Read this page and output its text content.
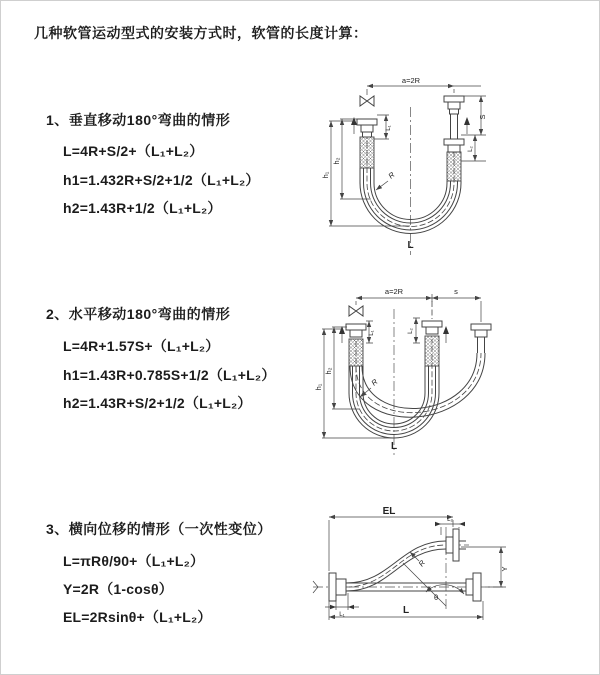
几种软管运动型式的安装方式时，软管的长度计算：
1、垂直移动180°弯曲的情形
L=4R+S/2+（L₁+L₂）
h1=1.432R+S/2+1/2（L₁+L₂）
h2=1.43R+1/2（L₁+L₂）
2、水平移动180°弯曲的情形
L=4R+1.57S+（L₁+L₂）
h1=1.43R+0.785S+1/2（L₁+L₂）
h2=1.43R+S/2+1/2（L₁+L₂）
3、横向位移的情形（一次性变位）
L=πRθ/90+（L₁+L₂）
Y=2R（1-cosθ）
EL=2Rsinθ+（L₁+L₂）
a=2R
S
L₂
h₁
h₂
L₁
R
L
a=2R	s
h₁
h₂
L₁	L₂
R
L
EL
L₂
Y
R
θ
L₁	L
